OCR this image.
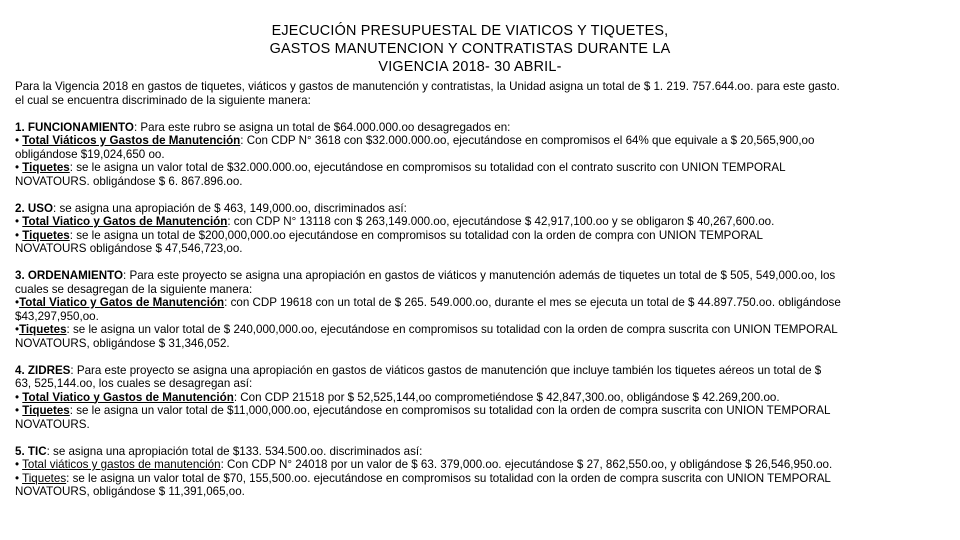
EJECUCIÓN PRESUPUESTAL DE VIATICOS Y TIQUETES,
GASTOS MANUTENCION Y CONTRATISTAS DURANTE LA
VIGENCIA 2018- 30 ABRIL-
Para la Vigencia 2018 en gastos de tiquetes, viáticos y gastos de manutención y contratistas, la Unidad asigna un total de $ 1. 219. 757.644.oo. para este gasto.
el cual se encuentra discriminado de la siguiente manera:
1. FUNCIONAMIENTO: Para este rubro se asigna un total de $64.000.000.oo desagregados en:
• Total Viáticos y Gastos de Manutención: Con CDP N° 3618 con $32.000.000.oo, ejecutándose en compromisos el 64% que equivale a $ 20,565,900,oo
obligándose $19,024,650 oo.
• Tiquetes: se le asigna un valor total de $32.000.000.oo, ejecutándose en compromisos su totalidad con el contrato suscrito con UNION TEMPORAL
NOVATOURS. obligándose $ 6. 867.896.oo.
2. USO: se asigna una apropiación de $ 463, 149,000.oo, discriminados así:
• Total Viatico y Gatos de Manutención: con CDP N° 13118 con $ 263,149.000.oo, ejecutándose $ 42,917,100.oo y se obligaron $ 40,267,600.oo.
• Tiquetes: se le asigna un total de $200,000,000.oo ejecutándose en compromisos su totalidad con la orden de compra con UNION TEMPORAL
NOVATOURS obligándose $ 47,546,723,oo.
3. ORDENAMIENTO: Para este proyecto se asigna una apropiación en gastos de viáticos y manutención además de tiquetes un total de $ 505, 549,000.oo, los
cuales se desagregan de la siguiente manera:
•Total Viatico y Gatos de Manutención: con CDP 19618 con un total de $ 265. 549.000.oo, durante el mes se ejecuta un total de $ 44.897.750.oo. obligándose
$43,297,950,oo.
•Tiquetes: se le asigna un valor total de $ 240,000,000.oo, ejecutándose en compromisos su totalidad con la orden de compra suscrita con UNION TEMPORAL
NOVATOURS, obligándose $ 31,346,052.
4. ZIDRES: Para este proyecto se asigna una apropiación en gastos de viáticos gastos de manutención que incluye también los tiquetes aéreos un total de $
63, 525,144.oo, los cuales se desagregan así:
• Total Viatico y Gastos de Manutención: Con CDP 21518 por $ 52,525,144,oo comprometiéndose $ 42,847,300.oo, obligándose $ 42.269,200.oo.
• Tiquetes: se le asigna un valor total de $11,000,000.oo, ejecutándose en compromisos su totalidad con la orden de compra suscrita con UNION TEMPORAL
NOVATOURS.
5. TIC: se asigna una apropiación total de $133. 534.500.oo. discriminados así:
• Total viáticos y gastos de manutención: Con CDP N° 24018 por un valor de $ 63. 379,000.oo. ejecutándose $ 27, 862,550.oo, y obligándose $ 26,546,950.oo.
• Tiquetes: se le asigna un valor total de $70, 155,500.oo. ejecutándose en compromisos su totalidad con la orden de compra suscrita con UNION TEMPORAL
NOVATOURS, obligándose $ 11,391,065,oo.
